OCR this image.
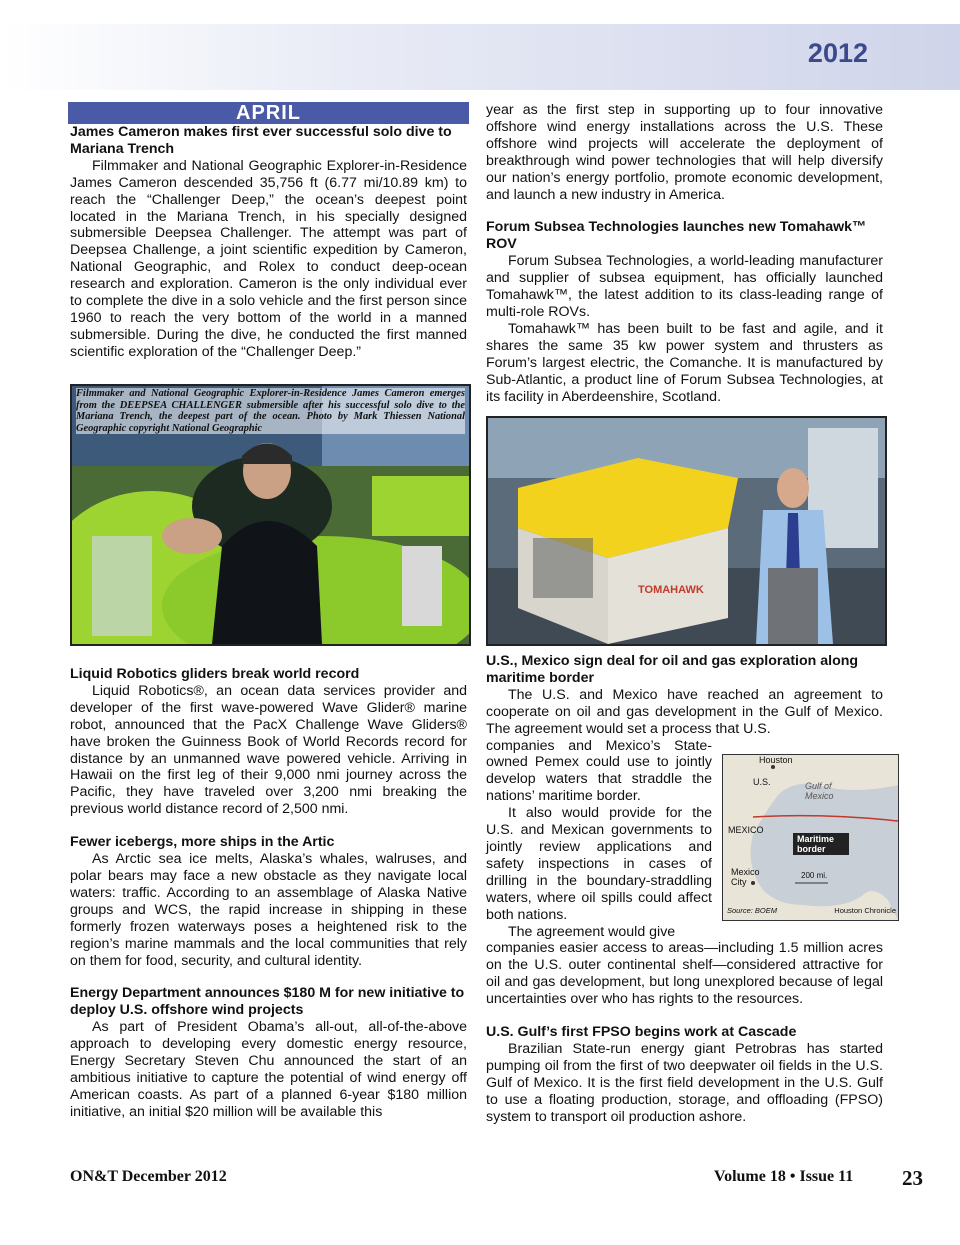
2012
APRIL
James Cameron makes first ever successful solo dive to Mariana Trench

Filmmaker and National Geographic Explorer-in-Residence James Cameron descended 35,756 ft (6.77 mi/10.89 km) to reach the “Challenger Deep,” the ocean’s deepest point located in the Mariana Trench, in his specially designed submersible Deepsea Challenger. The attempt was part of Deepsea Challenge, a joint scientific expedition by Cameron, National Geographic, and Rolex to conduct deep-ocean research and exploration. Cameron is the only individual ever to complete the dive in a solo vehicle and the first person since 1960 to reach the very bottom of the world in a manned submersible. During the dive, he conducted the first manned scientific exploration of the “Challenger Deep.”

Filmmaker and National Geographic Explorer-in-Residence James Cameron emerges from the DEEPSEA CHALLENGER submersible after his successful solo dive to the Mariana Trench, the deepest part of the ocean. Photo by Mark Thiessen National Geographic copyright National Geographic
Liquid Robotics gliders break world record

Liquid Robotics®, an ocean data services provider and developer of the first wave-powered Wave Glider® marine robot, announced that the PacX Challenge Wave Gliders® have broken the Guinness Book of World Records record for distance by an unmanned wave powered vehicle. Arriving in Hawaii on the first leg of their 9,000 nmi journey across the Pacific, they have traveled over 3,200 nmi breaking the previous world distance record of 2,500 nmi.

Fewer icebergs, more ships in the Artic

As Arctic sea ice melts, Alaska’s whales, walruses, and polar bears may face a new obstacle as they navigate local waters: traffic. According to an assemblage of Alaska Native groups and WCS, the rapid increase in shipping in these formerly frozen waterways poses a heightened risk to the region’s marine mammals and the local communities that rely on them for food, security, and cultural identity.

Energy Department announces $180 M for new initiative to deploy U.S. offshore wind projects

As part of President Obama’s all-out, all-of-the-above approach to developing every domestic energy resource, Energy Secretary Steven Chu announced the start of an ambitious initiative to capture the potential of wind energy off American coasts. As part of a planned 6-year $180 million initiative, an initial $20 million will be available this

year as the first step in supporting up to four innovative offshore wind energy installations across the U.S. These offshore wind projects will accelerate the deployment of breakthrough wind power technologies that will help diversify our nation’s energy portfolio, promote economic development, and launch a new industry in America.

Forum Subsea Technologies launches new Tomahawk™ ROV

Forum Subsea Technologies, a world-leading manufacturer and supplier of subsea equipment, has officially launched Tomahawk™, the latest addition to its class-leading range of multi-role ROVs.

Tomahawk™ has been built to be fast and agile, and it shares the same 35 kw power system and thrusters as Forum’s largest electric, the Comanche. It is manufactured by Sub-Atlantic, a product line of Forum Subsea Technologies, at its facility in Aberdeenshire, Scotland.

TOMAHAWK
U.S., Mexico sign deal for oil and gas exploration along maritime border

The U.S. and Mexico have reached an agreement to cooperate on oil and gas development in the Gulf of Mexico. The agreement would set a process that U.S.

companies and Mexico’s State-owned Pemex could use to jointly develop waters that straddle the nations’ maritime border.

It also would provide for the U.S. and Mexican governments to jointly review applications and safety inspections in cases of drilling in the boundary-straddling waters, where oil spills could affect both nations.

The agreement would give

companies easier access to areas—including 1.5 million acres on the U.S. outer continental shelf—considered attractive for oil and gas development, but long unexplored because of legal uncertainties over who has rights to the resources.

U.S. Gulf’s first FPSO begins work at Cascade

Brazilian State-run energy giant Petrobras has started pumping oil from the first of two deepwater oil fields in the U.S. Gulf of Mexico. It is the first field development in the U.S. Gulf to use a floating production, storage, and offloading (FPSO) system to transport oil production ashore.

Houston
U.S.	Gulf of Mexico
MEXICO
Maritime border
Mexico City
200 mi.
Source: BOEM	Houston Chronicle
ON&T December 2012	Volume 18 • Issue 11 23
